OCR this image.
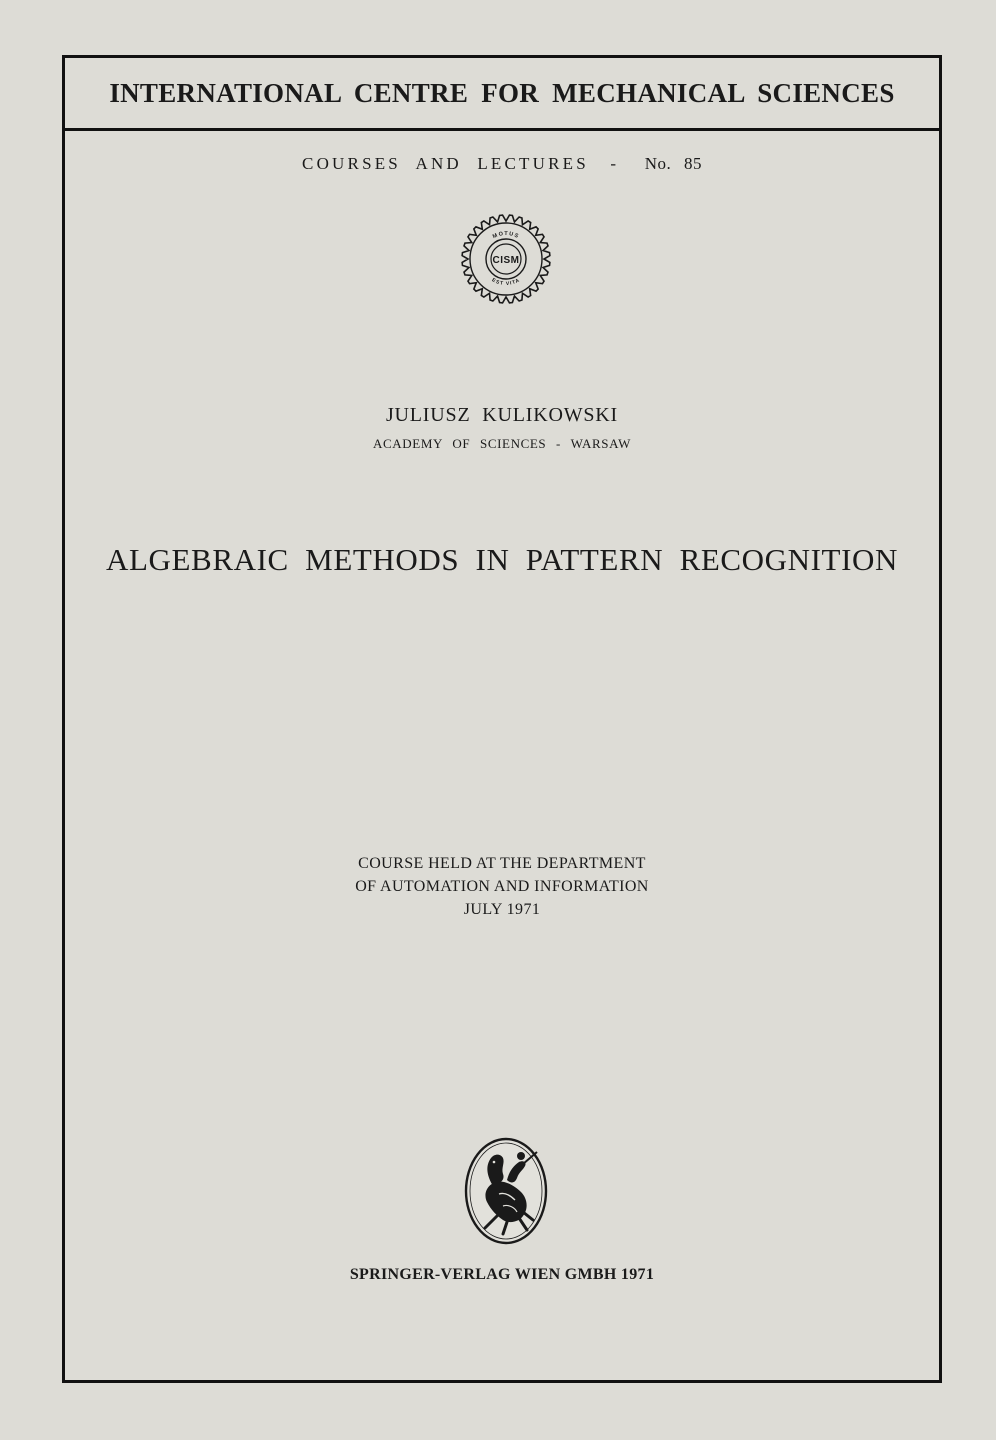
INTERNATIONAL CENTRE FOR MECHANICAL SCIENCES
COURSES AND LECTURES - No. 85
MOTUS
EST VITA
CISM
JULIUSZ KULIKOWSKI
ACADEMY OF SCIENCES - WARSAW
ALGEBRAIC METHODS IN PATTERN RECOGNITION
COURSE HELD AT THE DEPARTMENT
OF AUTOMATION AND INFORMATION
JULY 1971
SPRINGER-VERLAG WIEN GMBH 1971
